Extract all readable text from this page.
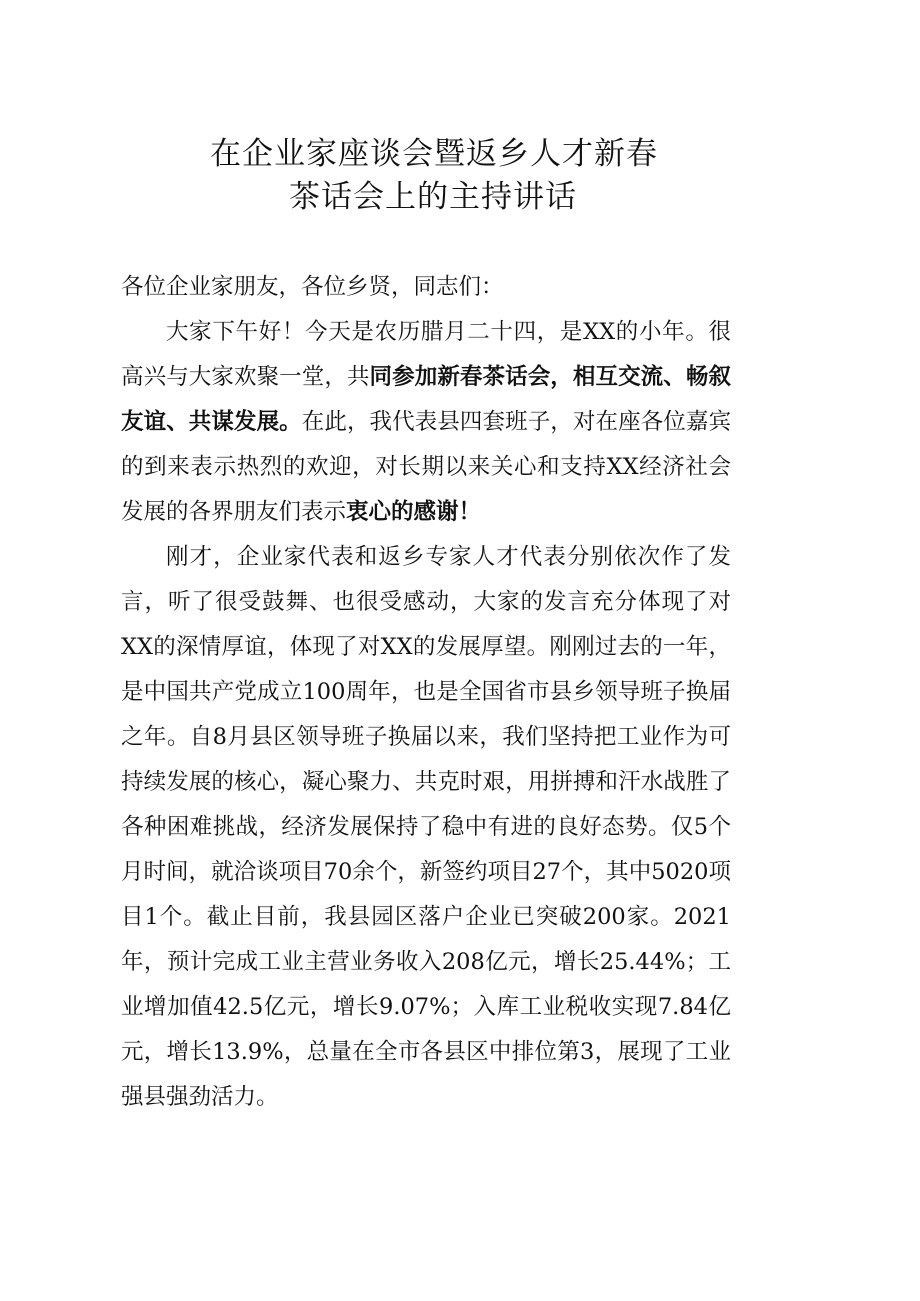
在企业家座谈会暨返乡人才新春
茶话会上的主持讲话

各位企业家朋友，各位乡贤，同志们：

大家下午好！今天是农历腊月二十四，是XX的小年。很高兴与大家欢聚一堂，共同参加新春茶话会，相互交流、畅叙友谊、共谋发展。在此，我代表县四套班子，对在座各位嘉宾的到来表示热烈的欢迎，对长期以来关心和支持XX经济社会发展的各界朋友们表示衷心的感谢！

刚才，企业家代表和返乡专家人才代表分别依次作了发言，听了很受鼓舞、也很受感动，大家的发言充分体现了对XX的深情厚谊，体现了对XX的发展厚望。刚刚过去的一年，是中国共产党成立100周年，也是全国省市县乡领导班子换届之年。自8月县区领导班子换届以来，我们坚持把工业作为可持续发展的核心，凝心聚力、共克时艰，用拼搏和汗水战胜了各种困难挑战，经济发展保持了稳中有进的良好态势。仅5个月时间，就洽谈项目70余个，新签约项目27个，其中5020项目1个。截止目前，我县园区落户企业已突破200家。2021年，预计完成工业主营业务收入208亿元，增长25.44%；工业增加值42.5亿元，增长9.07%；入库工业税收实现7.84亿元，增长13.9%，总量在全市各县区中排位第3，展现了工业强县强劲活力。
